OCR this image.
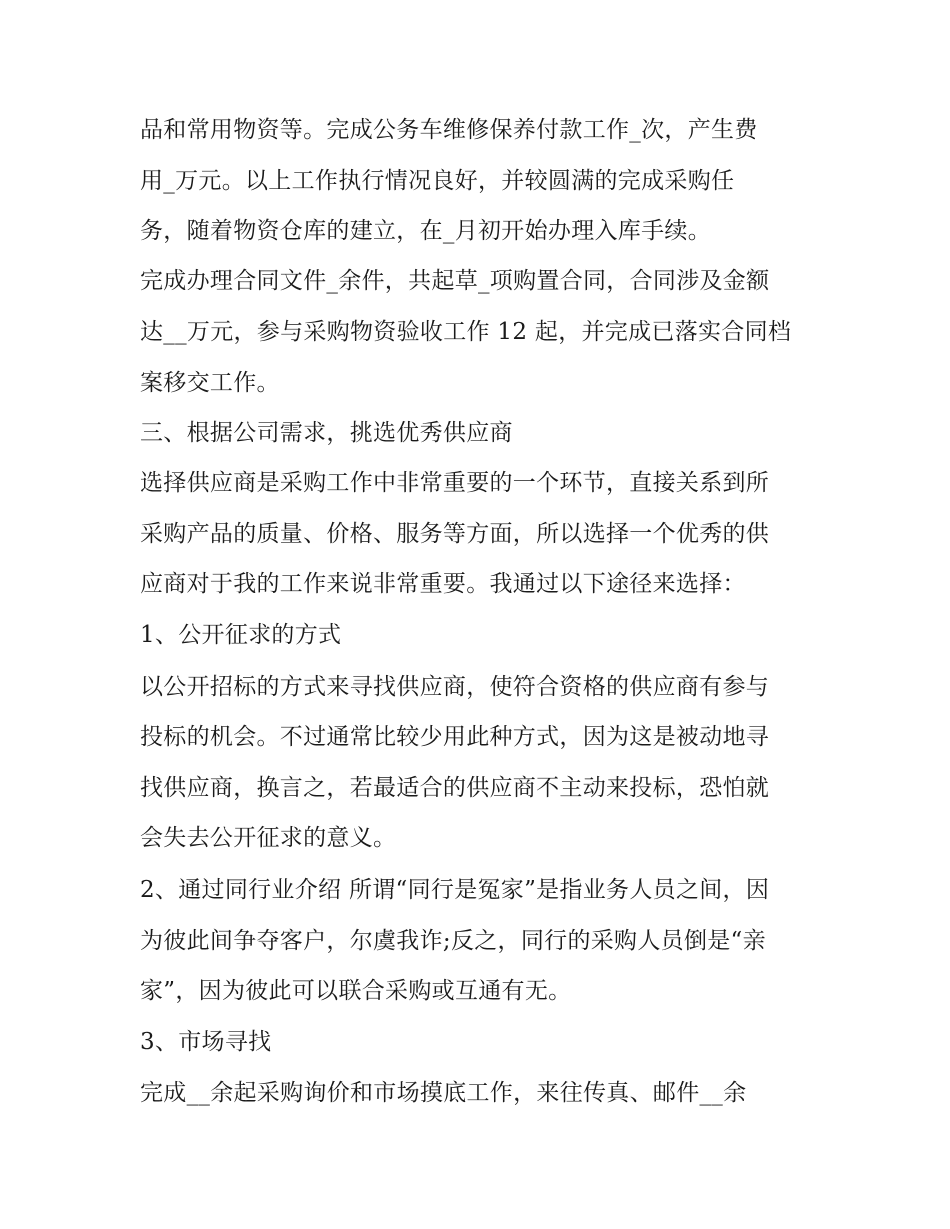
品和常用物资等。完成公务车维修保养付款工作_次，产生费
用_万元。以上工作执行情况良好，并较圆满的完成采购任
务，随着物资仓库的建立，在_月初开始办理入库手续。
完成办理合同文件_余件，共起草_项购置合同，合同涉及金额
达__万元，参与采购物资验收工作 12 起，并完成已落实合同档
案移交工作。
三、根据公司需求，挑选优秀供应商
选择供应商是采购工作中非常重要的一个环节，直接关系到所
采购产品的质量、价格、服务等方面，所以选择一个优秀的供
应商对于我的工作来说非常重要。我通过以下途径来选择：
1、公开征求的方式
以公开招标的方式来寻找供应商，使符合资格的供应商有参与
投标的机会。不过通常比较少用此种方式，因为这是被动地寻
找供应商，换言之，若最适合的供应商不主动来投标，恐怕就
会失去公开征求的意义。
2、通过同行业介绍 所谓“同行是冤家”是指业务人员之间，因
为彼此间争夺客户，尔虞我诈;反之，同行的采购人员倒是“亲
家”，因为彼此可以联合采购或互通有无。
3、市场寻找
完成__余起采购询价和市场摸底工作，来往传真、邮件__余
